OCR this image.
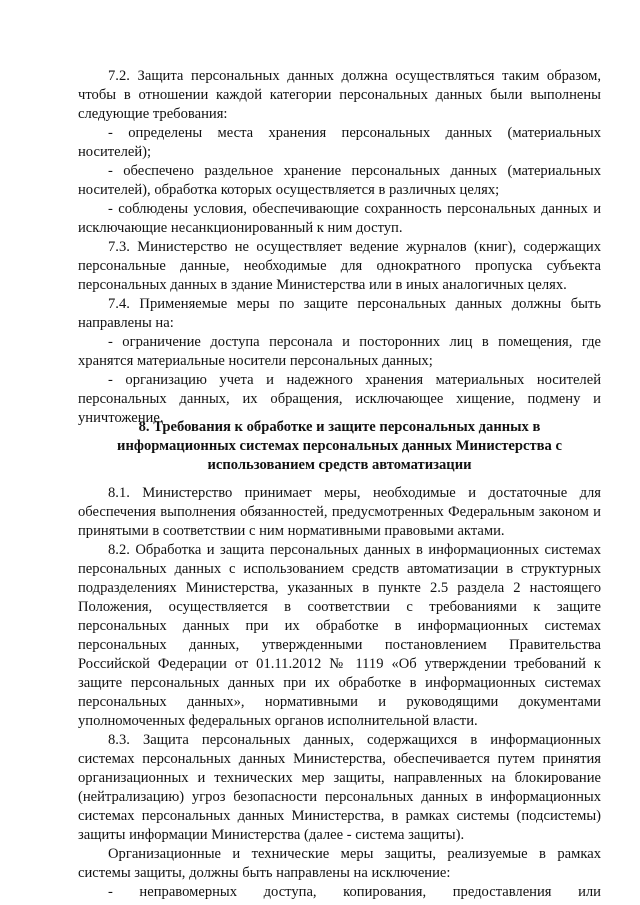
7.2. Защита персональных данных должна осуществляться таким образом, чтобы в отношении каждой категории персональных данных были выполнены следующие требования:

- определены места хранения персональных данных (материальных носителей);

- обеспечено раздельное хранение персональных данных (материальных носителей), обработка которых осуществляется в различных целях;

- соблюдены условия, обеспечивающие сохранность персональных данных и исключающие несанкционированный к ним доступ.

7.3. Министерство не осуществляет ведение журналов (книг), содержащих персональные данные, необходимые для однократного пропуска субъекта персональных данных в здание Министерства или в иных аналогичных целях.

7.4. Применяемые меры по защите персональных данных должны быть направлены на:

- ограничение доступа персонала и посторонних лиц в помещения, где хранятся материальные носители персональных данных;

- организацию учета и надежного хранения материальных носителей персональных данных, их обращения, исключающее хищение, подмену и уничтожение.

8. Требования к обработке и защите персональных данных в информационных системах персональных данных Министерства с использованием средств автоматизации

8.1. Министерство принимает меры, необходимые и достаточные для обеспечения выполнения обязанностей, предусмотренных Федеральным законом и принятыми в соответствии с ним нормативными правовыми актами.

8.2. Обработка и защита персональных данных в информационных системах персональных данных с использованием средств автоматизации в структурных подразделениях Министерства, указанных в пункте 2.5 раздела 2 настоящего Положения, осуществляется в соответствии с требованиями к защите персональных данных при их обработке в информационных системах персональных данных, утвержденными постановлением Правительства Российской Федерации от 01.11.2012 № 1119 «Об утверждении требований к защите персональных данных при их обработке в информационных системах персональных данных», нормативными и руководящими документами уполномоченных федеральных органов исполнительной власти.

8.3. Защита персональных данных, содержащихся в информационных системах персональных данных Министерства, обеспечивается путем принятия организационных и технических мер защиты, направленных на блокирование (нейтрализацию) угроз безопасности персональных данных в информационных системах персональных данных Министерства, в рамках системы (подсистемы) защиты информации Министерства (далее - система защиты).

Организационные и технические меры защиты, реализуемые в рамках системы защиты, должны быть направлены на исключение:

- неправомерных доступа, копирования, предоставления или
